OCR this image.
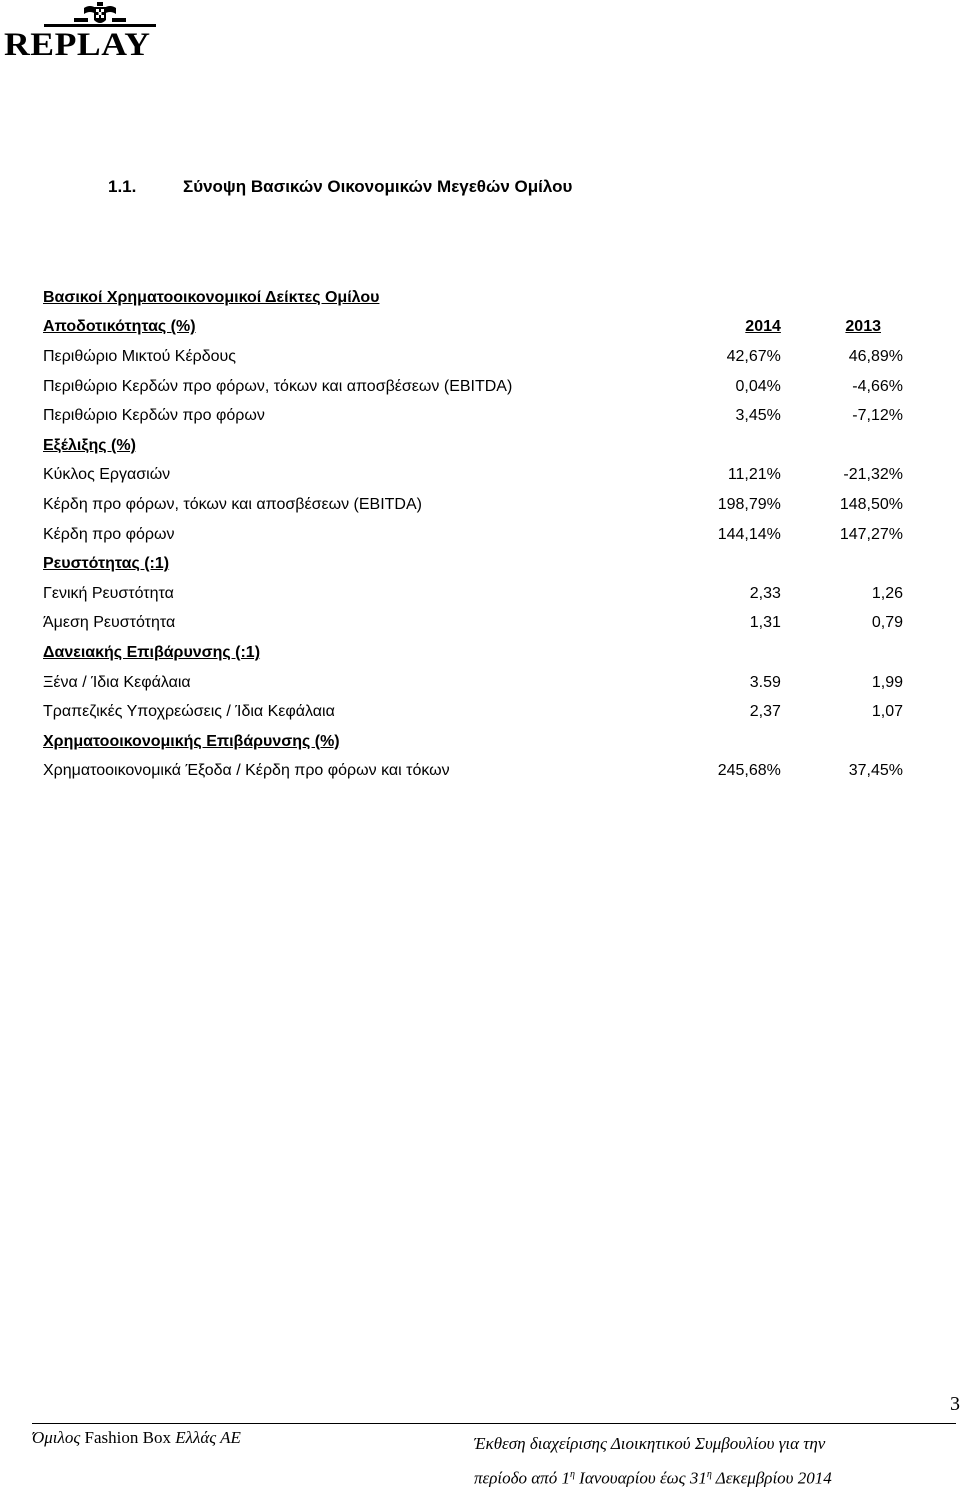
REPLAY
1.1.	Σύνοψη Βασικών Οικονομικών Μεγεθών Ομίλου
Βασικοί Χρηματοοικονομικοί Δείκτες Ομίλου		
Αποδοτικότητας (%)	2014	2013
Περιθώριο Μικτού Κέρδους	42,67%	46,89%
Περιθώριο Κερδών προ φόρων, τόκων και αποσβέσεων (EBITDA)	0,04%	-4,66%
Περιθώριο Κερδών προ φόρων	3,45%	-7,12%
Εξέλιξης (%)		
Κύκλος Εργασιών	11,21%	-21,32%
Κέρδη προ φόρων, τόκων και αποσβέσεων (EBITDA)	198,79%	148,50%
Κέρδη προ φόρων	144,14%	147,27%
Ρευστότητας (:1)		
Γενική Ρευστότητα	2,33	1,26
Άμεση Ρευστότητα	1,31	0,79
Δανειακής Επιβάρυνσης (:1)		
Ξένα / Ίδια Κεφάλαια	3.59	1,99
Τραπεζικές Υποχρεώσεις / Ίδια Κεφάλαια	2,37	1,07
Χρηματοοικονομικής Επιβάρυνσης (%)		
Χρηματοοικονομικά Έξοδα / Κέρδη προ φόρων και τόκων	245,68%	37,45%
3
Όμιλος Fashion Box Ελλάς ΑΕ	Έκθεση διαχείρισης Διοικητικού Συμβουλίου για την
περίοδο από $1^\eta$ Ιανουαρίου έως $31^\eta$ Δεκεμβρίου 2014
